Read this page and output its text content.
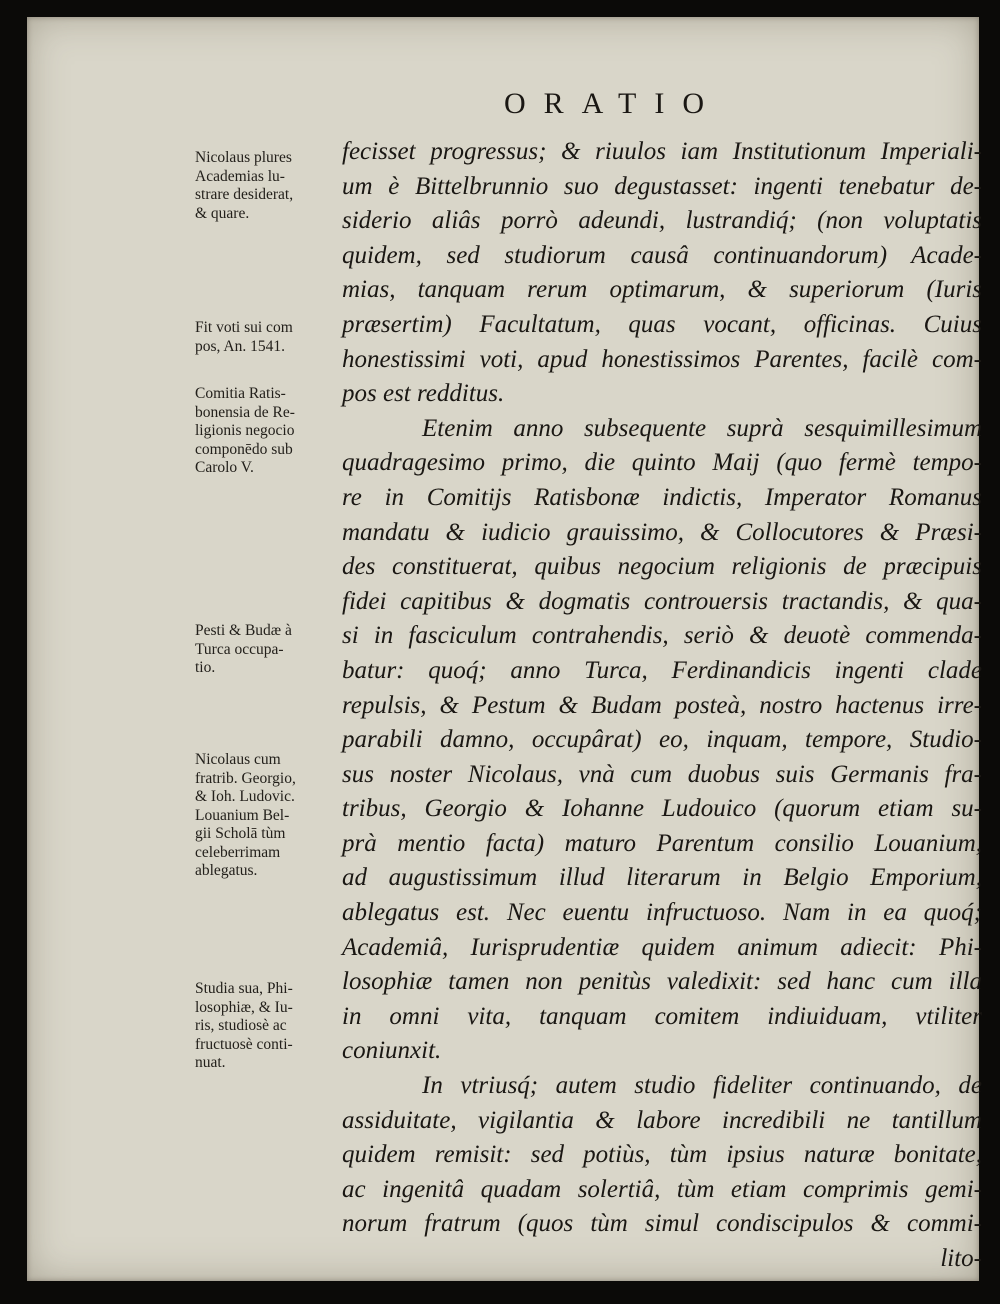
ORATIO
Nicolaus plures
Academias lu-
strare desiderat,
& quare.
Fit voti sui com
pos, An. 1541.
Comitia Ratis-
bonensia de Re-
ligionis negocio
componēdo sub
Carolo V.
Pesti & Budæ à
Turca occupa-
tio.
Nicolaus cum
fratrib. Georgio,
& Ioh. Ludovic.
Louanium Bel-
gii Scholā tùm
celeberrimam
ablegatus.
Studia sua, Phi-
losophiæ, & Iu-
ris, studiosè ac
fructuosè conti-
nuat.
fecisset progressus; & riuulos iam Institutionum Imperiali-
um è Bittelbrunnio suo degustasset: ingenti tenebatur de-
siderio aliâs porrò adeundi, lustrandiq́; (non voluptatis
quidem, sed studiorum causâ continuandorum) Acade-
mias, tanquam rerum optimarum, & superiorum (Iuris
præsertim) Facultatum, quas vocant, officinas. Cuius
honestissimi voti, apud honestissimos Parentes, facilè com-
pos est redditus.
Etenim anno subsequente suprà sesquimillesimum
quadragesimo primo, die quinto Maij (quo fermè tempo-
re in Comitijs Ratisbonæ indictis, Imperator Romanus
mandatu & iudicio grauissimo, & Collocutores & Præsi-
des constituerat, quibus negocium religionis de præcipuis
fidei capitibus & dogmatis controuersis tractandis, & qua-
si in fasciculum contrahendis, seriò & deuotè commenda-
batur: quoq́; anno Turca, Ferdinandicis ingenti clade
repulsis, & Pestum & Budam posteà, nostro hactenus irre-
parabili damno, occupârat) eo, inquam, tempore, Studio-
sus noster Nicolaus, vnà cum duobus suis Germanis fra-
tribus, Georgio & Iohanne Ludouico (quorum etiam su-
prà mentio facta) maturo Parentum consilio Louanium,
ad augustissimum illud literarum in Belgio Emporium,
ablegatus est. Nec euentu infructuoso. Nam in ea quoq́;
Academiâ, Iurisprudentiæ quidem animum adiecit: Phi-
losophiæ tamen non penitùs valedixit: sed hanc cum illa
in omni vita, tanquam comitem indiuiduam, vtiliter
coniunxit.
In vtriusq́; autem studio fideliter continuando, de
assiduitate, vigilantia & labore incredibili ne tantillum
quidem remisit: sed potiùs, tùm ipsius naturæ bonitate,
ac ingenitâ quadam solertiâ, tùm etiam comprimis gemi-
norum fratrum (quos tùm simul condiscipulos & commi-
lito-
